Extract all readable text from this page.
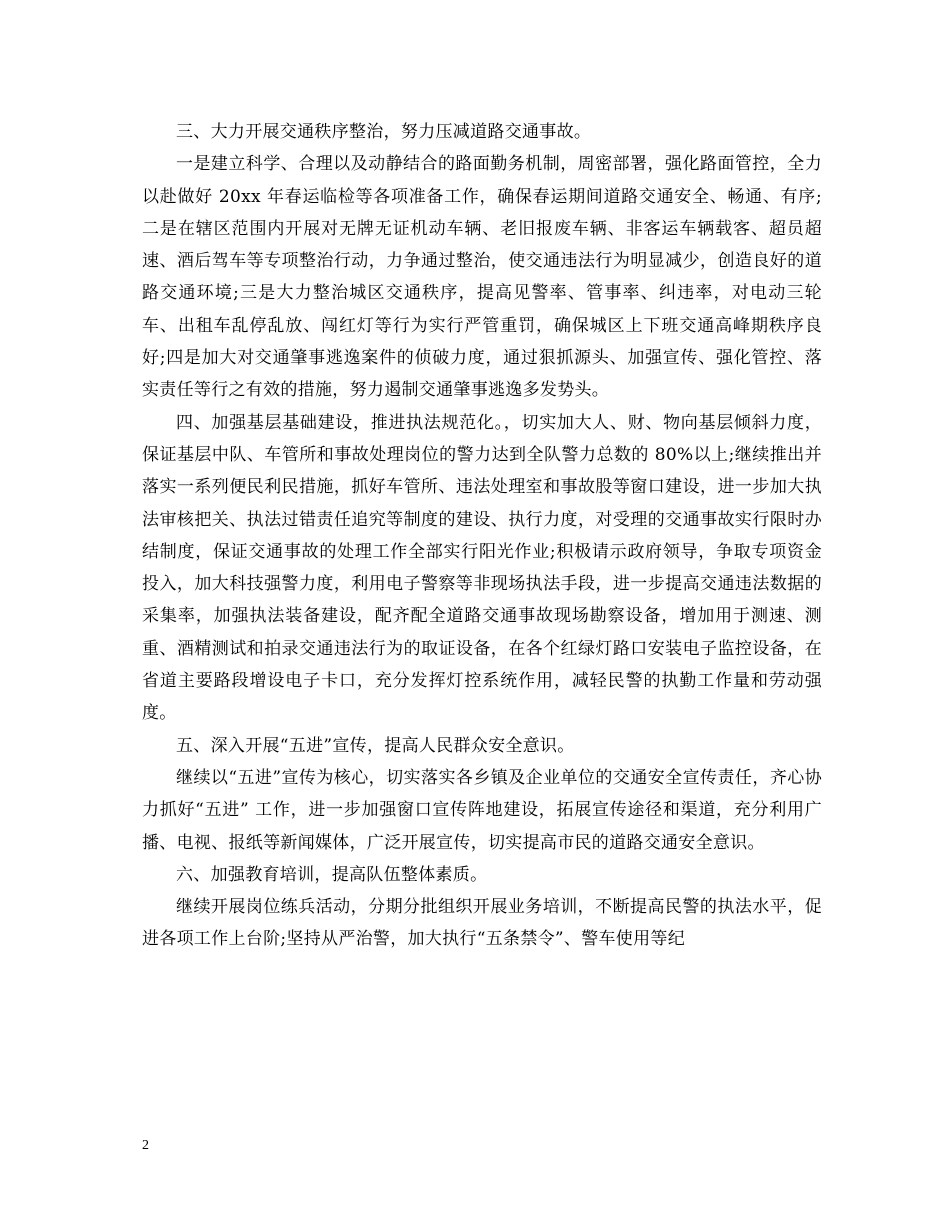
三、大力开展交通秩序整治，努力压减道路交通事故。

一是建立科学、合理以及动静结合的路面勤务机制，周密部署，强化路面管控，全力以赴做好 20xx 年春运临检等各项准备工作，确保春运期间道路交通安全、畅通、有序;二是在辖区范围内开展对无牌无证机动车辆、老旧报废车辆、非客运车辆载客、超员超速、酒后驾车等专项整治行动，力争通过整治，使交通违法行为明显减少，创造良好的道路交通环境;三是大力整治城区交通秩序，提高见警率、管事率、纠违率，对电动三轮车、出租车乱停乱放、闯红灯等行为实行严管重罚，确保城区上下班交通高峰期秩序良好;四是加大对交通肇事逃逸案件的侦破力度，通过狠抓源头、加强宣传、强化管控、落实责任等行之有效的措施，努力遏制交通肇事逃逸多发势头。

四、加强基层基础建设，推进执法规范化。，切实加大人、财、物向基层倾斜力度，保证基层中队、车管所和事故处理岗位的警力达到全队警力总数的 80%以上;继续推出并落实一系列便民利民措施，抓好车管所、违法处理室和事故股等窗口建设，进一步加大执法审核把关、执法过错责任追究等制度的建设、执行力度，对受理的交通事故实行限时办结制度，保证交通事故的处理工作全部实行阳光作业;积极请示政府领导，争取专项资金投入，加大科技强警力度，利用电子警察等非现场执法手段，进一步提高交通违法数据的采集率，加强执法装备建设，配齐配全道路交通事故现场勘察设备，增加用于测速、测重、酒精测试和拍录交通违法行为的取证设备，在各个红绿灯路口安装电子监控设备，在省道主要路段增设电子卡口，充分发挥灯控系统作用，减轻民警的执勤工作量和劳动强度。

五、深入开展“五进”宣传，提高人民群众安全意识。

继续以“五进”宣传为核心，切实落实各乡镇及企业单位的交通安全宣传责任，齐心协力抓好“五进” 工作，进一步加强窗口宣传阵地建设，拓展宣传途径和渠道，充分利用广播、电视、报纸等新闻媒体，广泛开展宣传，切实提高市民的道路交通安全意识。

六、加强教育培训，提高队伍整体素质。

继续开展岗位练兵活动，分期分批组织开展业务培训，不断提高民警的执法水平，促进各项工作上台阶;坚持从严治警，加大执行“五条禁令”、警车使用等纪

2
